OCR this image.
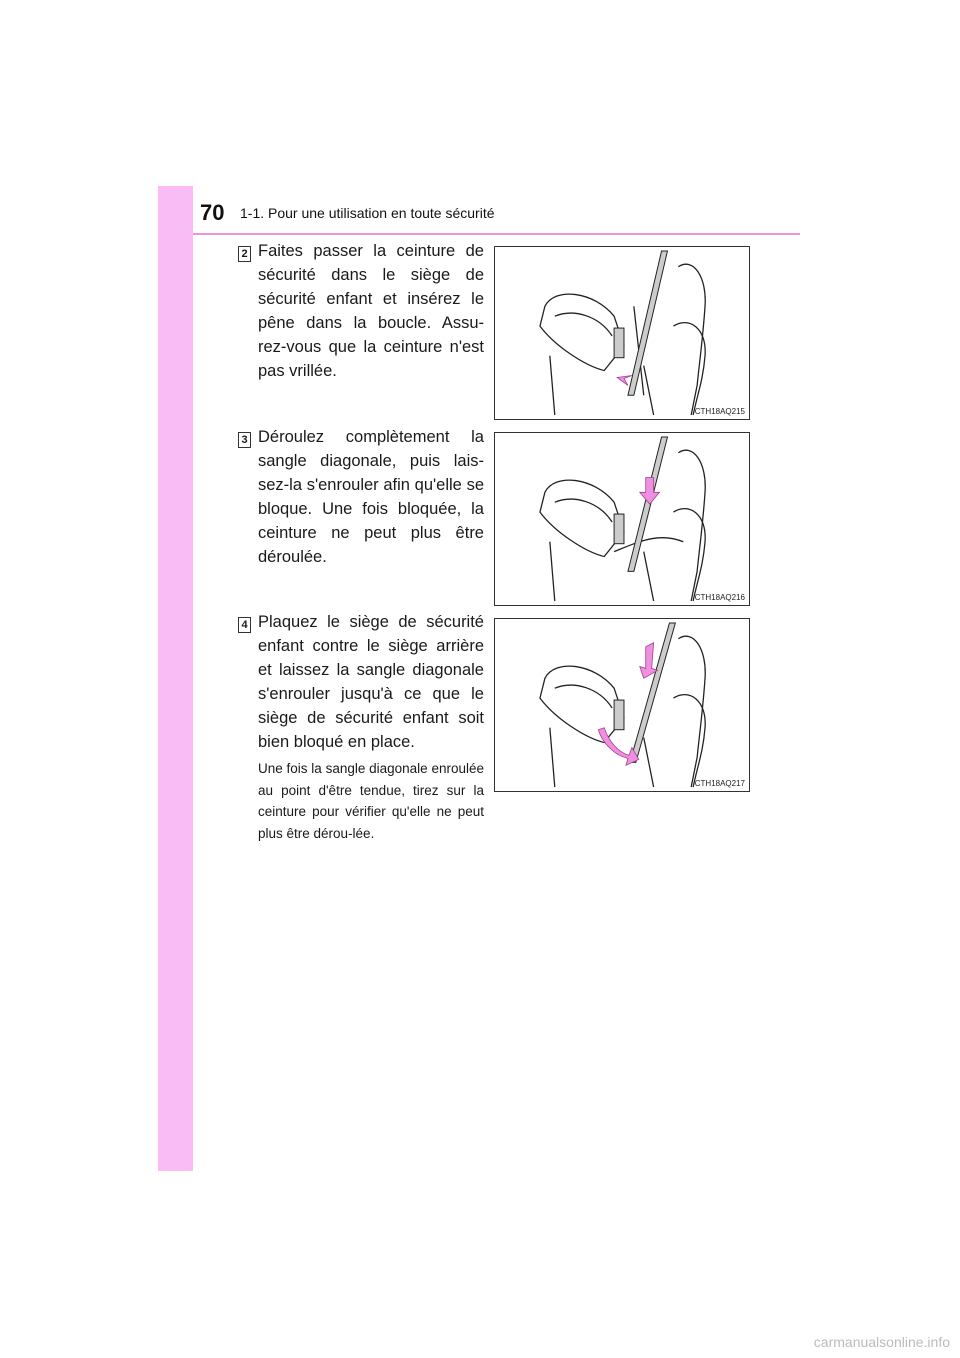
70 1-1. Pour une utilisation en toute sécurité
2 Faites passer la ceinture de sécurité dans le siège de sécurité enfant et insérez le pêne dans la boucle. Assu-rez-vous que la ceinture n'est pas vrillée.

CTH18AQ215
3 Déroulez complètement la sangle diagonale, puis lais-sez-la s'enrouler afin qu'elle se bloque. Une fois bloquée, la ceinture ne peut plus être déroulée.

CTH18AQ216
4 Plaquez le siège de sécurité enfant contre le siège arrière et laissez la sangle diagonale s'enrouler jusqu'à ce que le siège de sécurité enfant soit bien bloqué en place.

Une fois la sangle diagonale enroulée au point d'être tendue, tirez sur la ceinture pour vérifier qu'elle ne peut plus être dérou-lée.

CTH18AQ217
carmanualsonline.info
